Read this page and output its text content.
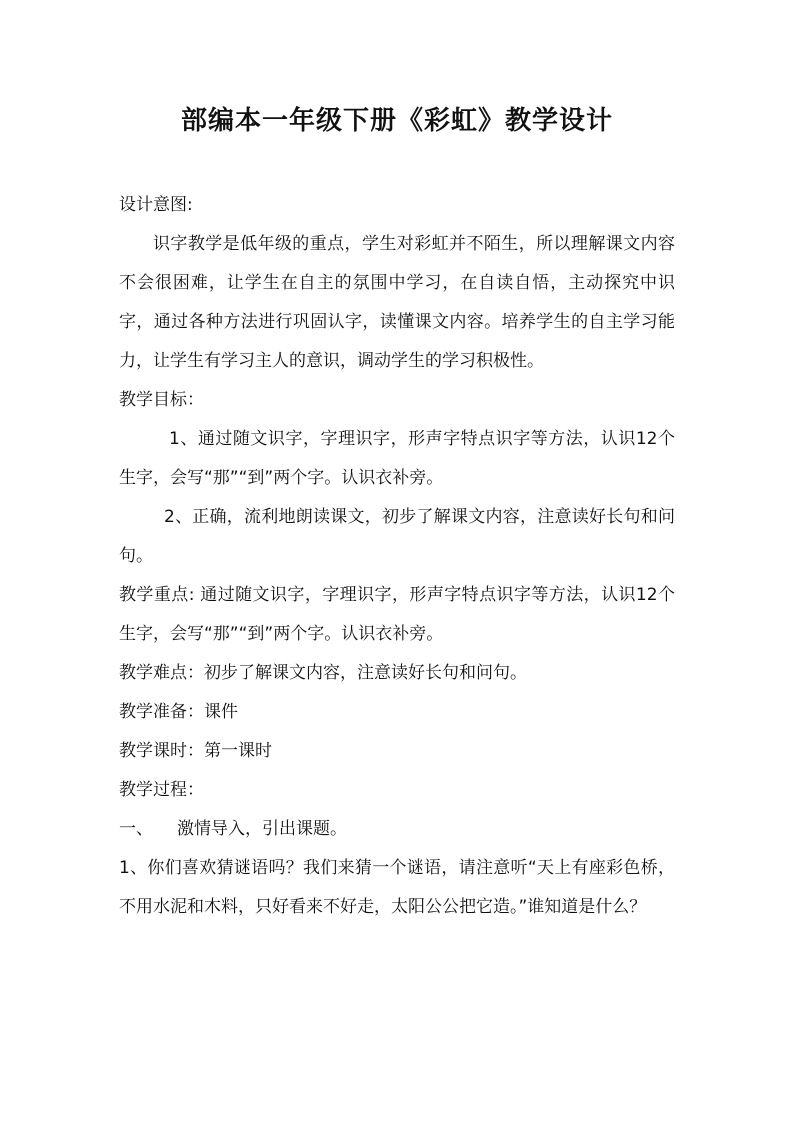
部编本一年级下册《彩虹》教学设计

设计意图:

识字教学是低年级的重点，学生对彩虹并不陌生，所以理解课文内容不会很困难，让学生在自主的氛围中学习，在自读自悟，主动探究中识字，通过各种方法进行巩固认字，读懂课文内容。培养学生的自主学习能力，让学生有学习主人的意识，调动学生的学习积极性。

教学目标：

1、通过随文识字，字理识字，形声字特点识字等方法，认识12个生字，会写“那”“到”两个字。认识衣补旁。

2、正确，流利地朗读课文，初步了解课文内容，注意读好长句和问句。

教学重点: 通过随文识字，字理识字，形声字特点识字等方法，认识12个生字，会写“那”“到”两个字。认识衣补旁。

教学难点：初步了解课文内容，注意读好长句和问句。

教学准备：课件

教学课时：第一课时

教学过程：

一、 激情导入，引出课题。

1、你们喜欢猜谜语吗？我们来猜一个谜语，请注意听“天上有座彩色桥，不用水泥和木料，只好看来不好走，太阳公公把它造。”谁知道是什么？
